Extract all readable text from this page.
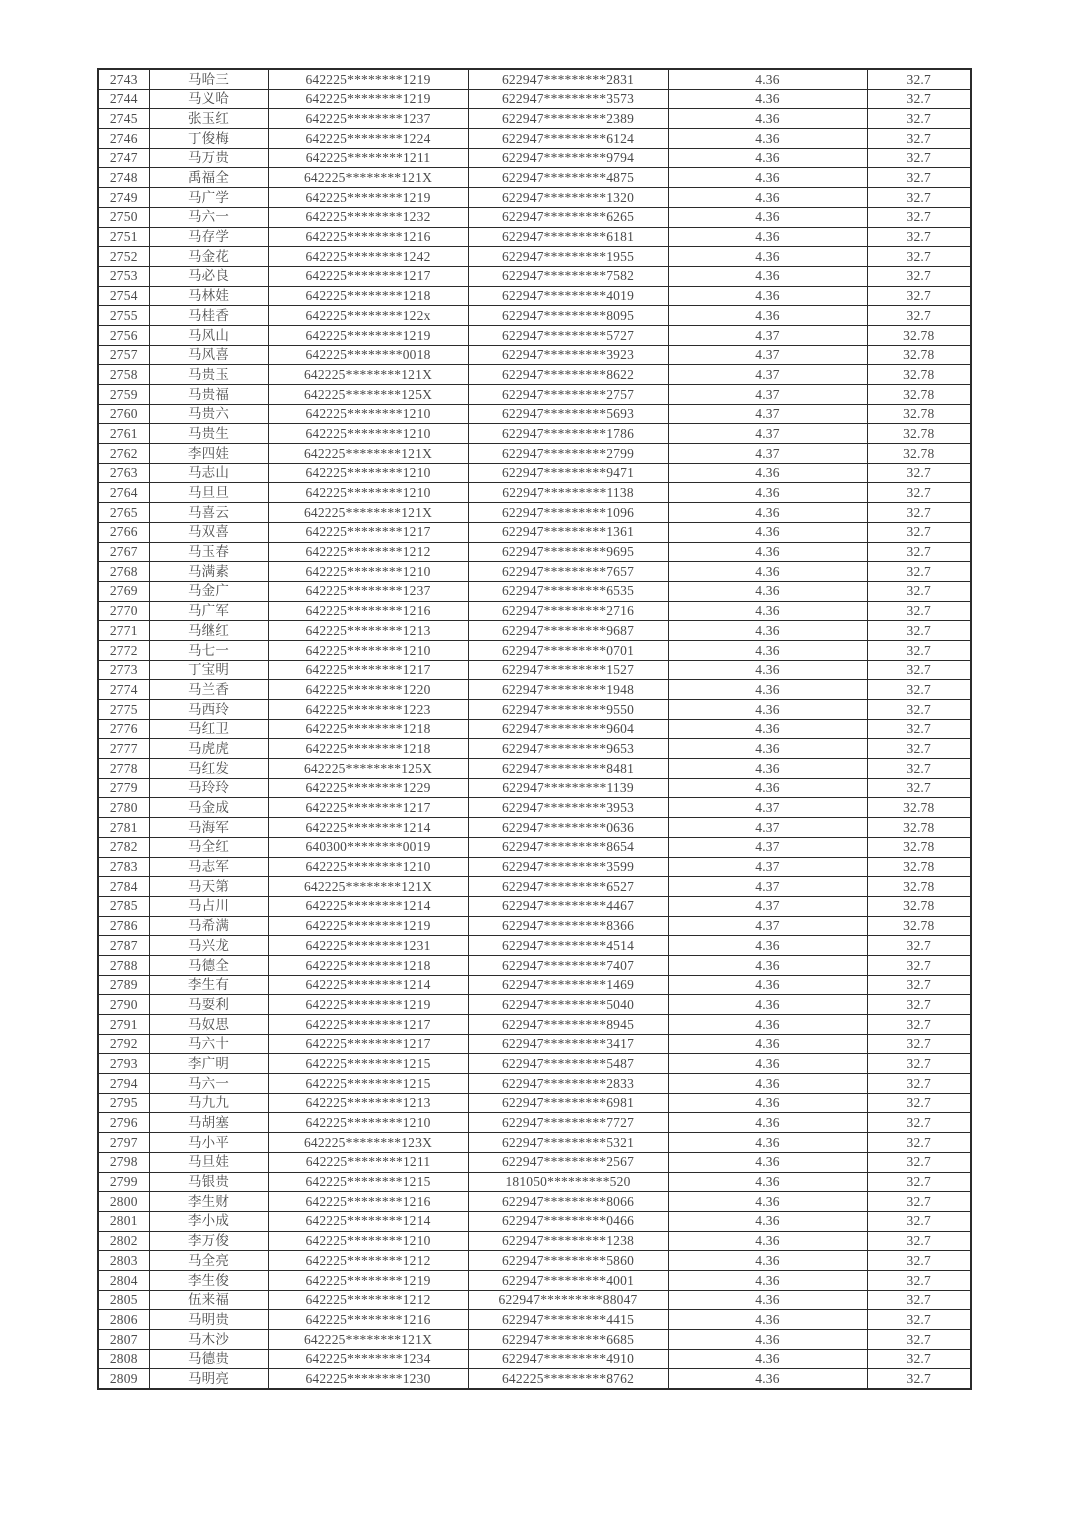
2743	马哈三	642225********1219	622947*********2831	4.36	32.7
2744	马义哈	642225********1219	622947*********3573	4.36	32.7
2745	张玉红	642225********1237	622947*********2389	4.36	32.7
2746	丁俊梅	642225********1224	622947*********6124	4.36	32.7
2747	马万贵	642225********1211	622947*********9794	4.36	32.7
2748	禹福全	642225********121X	622947*********4875	4.36	32.7
2749	马广学	642225********1219	622947*********1320	4.36	32.7
2750	马六一	642225********1232	622947*********6265	4.36	32.7
2751	马存学	642225********1216	622947*********6181	4.36	32.7
2752	马金花	642225********1242	622947*********1955	4.36	32.7
2753	马必良	642225********1217	622947*********7582	4.36	32.7
2754	马林娃	642225********1218	622947*********4019	4.36	32.7
2755	马桂香	642225********122x	622947*********8095	4.36	32.7
2756	马风山	642225********1219	622947*********5727	4.37	32.78
2757	马风喜	642225********0018	622947*********3923	4.37	32.78
2758	马贵玉	642225********121X	622947*********8622	4.37	32.78
2759	马贵福	642225********125X	622947*********2757	4.37	32.78
2760	马贵六	642225********1210	622947*********5693	4.37	32.78
2761	马贵生	642225********1210	622947*********1786	4.37	32.78
2762	李四娃	642225********121X	622947*********2799	4.37	32.78
2763	马志山	642225********1210	622947*********9471	4.36	32.7
2764	马旦旦	642225********1210	622947*********1138	4.36	32.7
2765	马喜云	642225********121X	622947*********1096	4.36	32.7
2766	马双喜	642225********1217	622947*********1361	4.36	32.7
2767	马玉春	642225********1212	622947*********9695	4.36	32.7
2768	马满素	642225********1210	622947*********7657	4.36	32.7
2769	马金广	642225********1237	622947*********6535	4.36	32.7
2770	马广军	642225********1216	622947*********2716	4.36	32.7
2771	马继红	642225********1213	622947*********9687	4.36	32.7
2772	马七一	642225********1210	622947*********0701	4.36	32.7
2773	丁宝明	642225********1217	622947*********1527	4.36	32.7
2774	马兰香	642225********1220	622947*********1948	4.36	32.7
2775	马西玲	642225********1223	622947*********9550	4.36	32.7
2776	马红卫	642225********1218	622947*********9604	4.36	32.7
2777	马虎虎	642225********1218	622947*********9653	4.36	32.7
2778	马红发	642225********125X	622947*********8481	4.36	32.7
2779	马玲玲	642225********1229	622947*********1139	4.36	32.7
2780	马金成	642225********1217	622947*********3953	4.37	32.78
2781	马海军	642225********1214	622947*********0636	4.37	32.78
2782	马全红	640300********0019	622947*********8654	4.37	32.78
2783	马志军	642225********1210	622947*********3599	4.37	32.78
2784	马天第	642225********121X	622947*********6527	4.37	32.78
2785	马占川	642225********1214	622947*********4467	4.37	32.78
2786	马希满	642225********1219	622947*********8366	4.37	32.78
2787	马兴龙	642225********1231	622947*********4514	4.36	32.7
2788	马德全	642225********1218	622947*********7407	4.36	32.7
2789	李生有	642225********1214	622947*********1469	4.36	32.7
2790	马耍利	642225********1219	622947*********5040	4.36	32.7
2791	马奴思	642225********1217	622947*********8945	4.36	32.7
2792	马六十	642225********1217	622947*********3417	4.36	32.7
2793	李广明	642225********1215	622947*********5487	4.36	32.7
2794	马六一	642225********1215	622947*********2833	4.36	32.7
2795	马九九	642225********1213	622947*********6981	4.36	32.7
2796	马胡塞	642225********1210	622947*********7727	4.36	32.7
2797	马小平	642225********123X	622947*********5321	4.36	32.7
2798	马旦娃	642225********1211	622947*********2567	4.36	32.7
2799	马银贵	642225********1215	181050*********520	4.36	32.7
2800	李生财	642225********1216	622947*********8066	4.36	32.7
2801	李小成	642225********1214	622947*********0466	4.36	32.7
2802	李万俊	642225********1210	622947*********1238	4.36	32.7
2803	马全亮	642225********1212	622947*********5860	4.36	32.7
2804	李生俊	642225********1219	622947*********4001	4.36	32.7
2805	伍来福	642225********1212	622947*********88047	4.36	32.7
2806	马明贵	642225********1216	622947*********4415	4.36	32.7
2807	马木沙	642225********121X	622947*********6685	4.36	32.7
2808	马德贵	642225********1234	622947*********4910	4.36	32.7
2809	马明亮	642225********1230	642225*********8762	4.36	32.7
